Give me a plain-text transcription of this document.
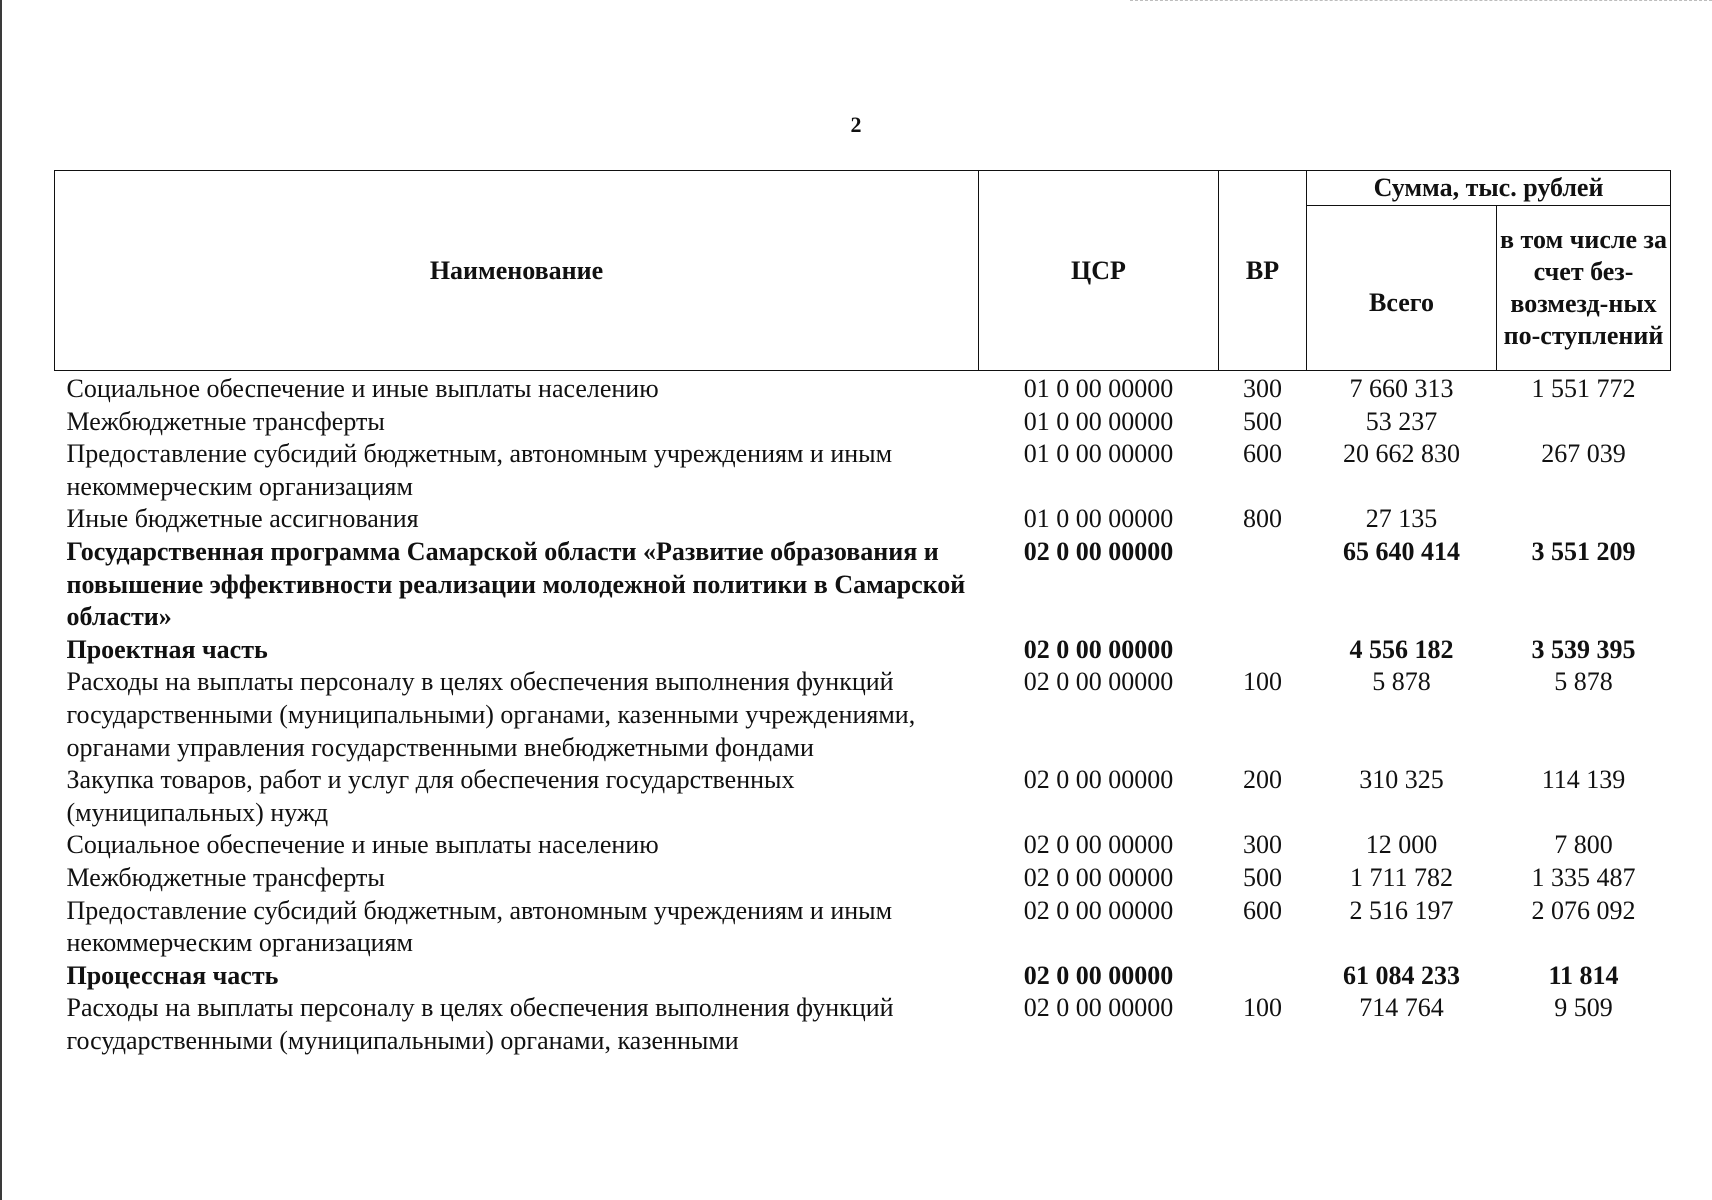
2
Наименование	ЦСР	ВР	Сумма, тыс. рублей	
			Всего	в том числе за счет без-возмезд-ных по-ступлений
Социальное обеспечение и иные выплаты населению	01 0 00 00000	300	7 660 313	1 551 772
Межбюджетные трансферты	01 0 00 00000	500	53 237	
Предоставление субсидий бюджетным, автономным учреждениям и иным некоммерческим организациям	01 0 00 00000	600	20 662 830	267 039
Иные бюджетные ассигнования	01 0 00 00000	800	27 135	
Государственная программа Самарской области «Развитие образования и повышение эффективности реализации молодежной политики в Самарской области»	02 0 00 00000		65 640 414	3 551 209
Проектная часть	02 0 00 00000		4 556 182	3 539 395
Расходы на выплаты персоналу в целях обеспечения выполнения функций государственными (муниципальными) органами, казенными учреждениями, органами управления государственными внебюджетными фондами	02 0 00 00000	100	5 878	5 878
Закупка товаров, работ и услуг для обеспечения государственных (муниципальных) нужд	02 0 00 00000	200	310 325	114 139
Социальное обеспечение и иные выплаты населению	02 0 00 00000	300	12 000	7 800
Межбюджетные трансферты	02 0 00 00000	500	1 711 782	1 335 487
Предоставление субсидий бюджетным, автономным учреждениям и иным некоммерческим организациям	02 0 00 00000	600	2 516 197	2 076 092
Процессная часть	02 0 00 00000		61 084 233	11 814
Расходы на выплаты персоналу в целях обеспечения выполнения функций государственными (муниципальными) органами, казенными	02 0 00 00000	100	714 764	9 509
